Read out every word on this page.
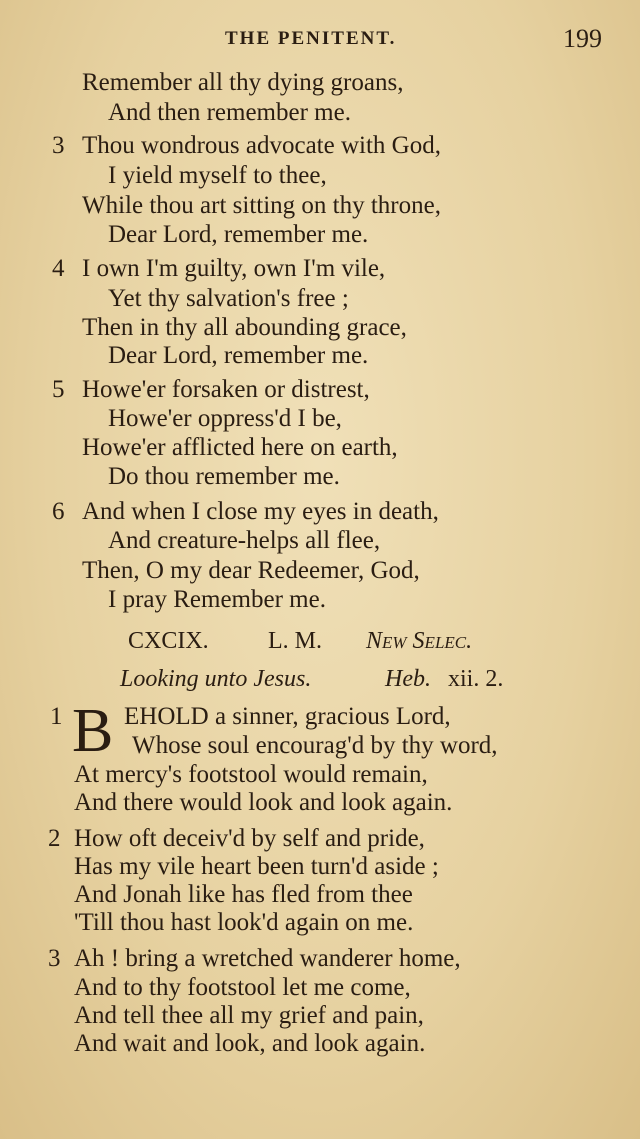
THE PENITENT.	199
Remember all thy dying groans,
And then remember me.
3 Thou wondrous advocate with God,
I yield myself to thee,
While thou art sitting on thy throne,
Dear Lord, remember me.
4 I own I'm guilty, own I'm vile,
Yet thy salvation's free ;
Then in thy all abounding grace,
Dear Lord, remember me.
5 Howe'er forsaken or distrest,
Howe'er oppress'd I be,
Howe'er afflicted here on earth,
Do thou remember me.
6 And when I close my eyes in death,
And creature-helps all flee,
Then, O my dear Redeemer, God,
I pray Remember me.
CXCIX. L. M. New Selec.
Looking unto Jesus.	Heb. xii. 2.
1 B EHOLD a sinner, gracious Lord,
Whose soul encourag'd by thy word,
At mercy's footstool would remain,
And there would look and look again.
2 How oft deceiv'd by self and pride,
Has my vile heart been turn'd aside ;
And Jonah like has fled from thee
'Till thou hast look'd again on me.
3 Ah ! bring a wretched wanderer home,
And to thy footstool let me come,
And tell thee all my grief and pain,
And wait and look, and look again.
